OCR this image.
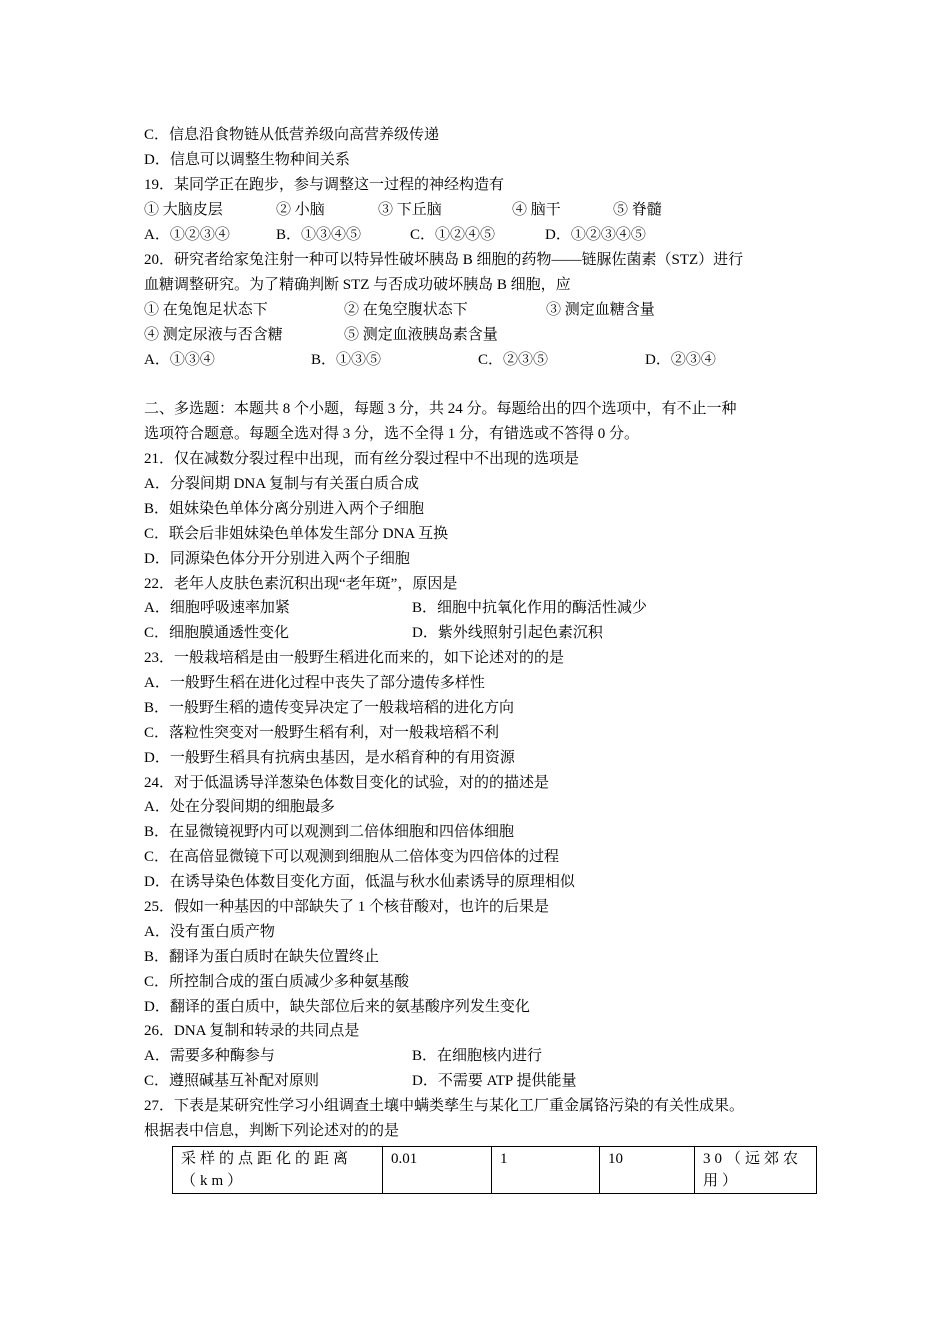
C．信息沿食物链从低营养级向高营养级传递
D．信息可以调整生物种间关系
19．某同学正在跑步，参与调整这一过程的神经构造有
① 大脑皮层	② 小脑	③ 下丘脑	④ 脑干	⑤ 脊髓
A．①②③④	B．①③④⑤	C．①②④⑤	D．①②③④⑤
20．研究者给家兔注射一种可以特异性破坏胰岛 B 细胞的药物——链脲佐菌素（STZ）进行
血糖调整研究。为了精确判断 STZ 与否成功破坏胰岛 B 细胞，应
① 在兔饱足状态下	② 在兔空腹状态下	③ 测定血糖含量
④ 测定尿液与否含糖	⑤ 测定血液胰岛素含量
A．①③④	B．①③⑤	C．②③⑤	D．②③④
二、多选题：本题共 8 个小题，每题 3 分，共 24 分。每题给出的四个选项中，有不止一种
选项符合题意。每题全选对得 3 分，选不全得 1 分，有错选或不答得 0 分。
21．仅在减数分裂过程中出现，而有丝分裂过程中不出现的选项是
A．分裂间期 DNA 复制与有关蛋白质合成
B．姐妹染色单体分离分别进入两个子细胞
C．联会后非姐妹染色单体发生部分 DNA 互换
D．同源染色体分开分别进入两个子细胞
22．老年人皮肤色素沉积出现“老年斑”，原因是
A．细胞呼吸速率加紧	B．细胞中抗氧化作用的酶活性减少
C．细胞膜通透性变化	D．紫外线照射引起色素沉积
23．一般栽培稻是由一般野生稻进化而来的，如下论述对的的是
A．一般野生稻在进化过程中丧失了部分遗传多样性
B．一般野生稻的遗传变异决定了一般栽培稻的进化方向
C．落粒性突变对一般野生稻有利，对一般栽培稻不利
D．一般野生稻具有抗病虫基因，是水稻育种的有用资源
24．对于低温诱导洋葱染色体数目变化的试验，对的的描述是
A．处在分裂间期的细胞最多
B．在显微镜视野内可以观测到二倍体细胞和四倍体细胞
C．在高倍显微镜下可以观测到细胞从二倍体变为四倍体的过程
D．在诱导染色体数目变化方面，低温与秋水仙素诱导的原理相似
25．假如一种基因的中部缺失了 1 个核苷酸对，也许的后果是
A．没有蛋白质产物
B．翻译为蛋白质时在缺失位置终止
C．所控制合成的蛋白质减少多种氨基酸
D．翻译的蛋白质中，缺失部位后来的氨基酸序列发生变化
26．DNA 复制和转录的共同点是
A．需要多种酶参与	B．在细胞核内进行
C．遵照碱基互补配对原则	D．不需要 ATP 提供能量
27．下表是某研究性学习小组调查土壤中螨类孳生与某化工厂重金属铬污染的有关性成果。
根据表中信息，判断下列论述对的的是
采样的点距化的距离（km）	0.01	1	10	30（远郊农用）
